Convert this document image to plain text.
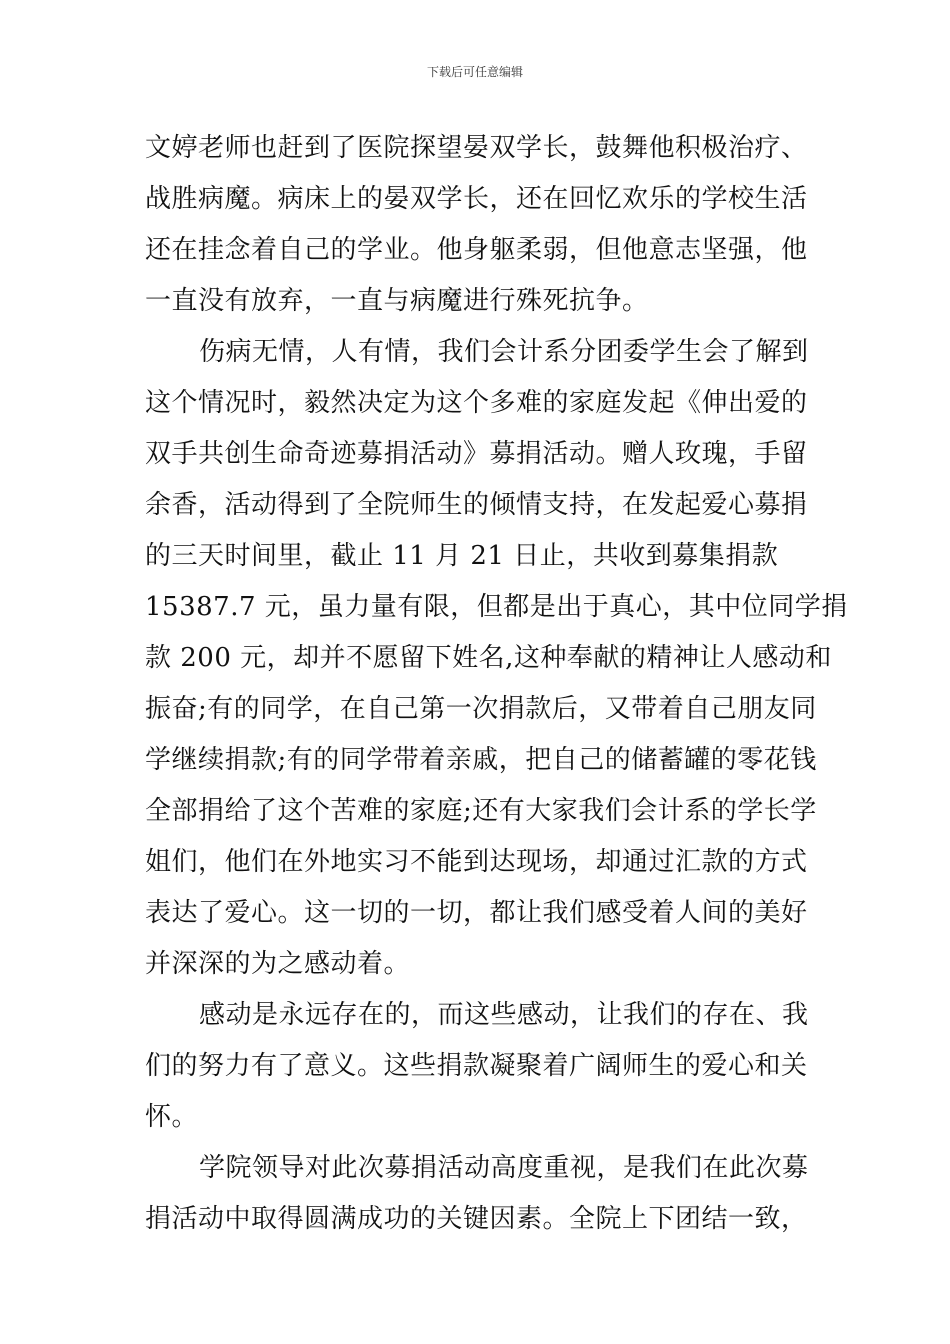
下载后可任意编辑
文婷老师也赶到了医院探望晏双学长，鼓舞他积极治疗、
战胜病魔。病床上的晏双学长，还在回忆欢乐的学校生活
还在挂念着自己的学业。他身躯柔弱，但他意志坚强，他
一直没有放弃，一直与病魔进行殊死抗争。
伤病无情，人有情，我们会计系分团委学生会了解到
这个情况时，毅然决定为这个多难的家庭发起《伸出爱的
双手共创生命奇迹募捐活动》募捐活动。赠人玫瑰，手留
余香，活动得到了全院师生的倾情支持，在发起爱心募捐
的三天时间里，截止 11 月 21 日止，共收到募集捐款
15387.7 元，虽力量有限，但都是出于真心，其中位同学捐
款 200 元，却并不愿留下姓名,这种奉献的精神让人感动和
振奋;有的同学，在自己第一次捐款后，又带着自己朋友同
学继续捐款;有的同学带着亲戚，把自己的储蓄罐的零花钱
全部捐给了这个苦难的家庭;还有大家我们会计系的学长学
姐们，他们在外地实习不能到达现场，却通过汇款的方式
表达了爱心。这一切的一切，都让我们感受着人间的美好
并深深的为之感动着。
感动是永远存在的，而这些感动，让我们的存在、我
们的努力有了意义。这些捐款凝聚着广阔师生的爱心和关
怀。
学院领导对此次募捐活动高度重视，是我们在此次募
捐活动中取得圆满成功的关键因素。全院上下团结一致，
